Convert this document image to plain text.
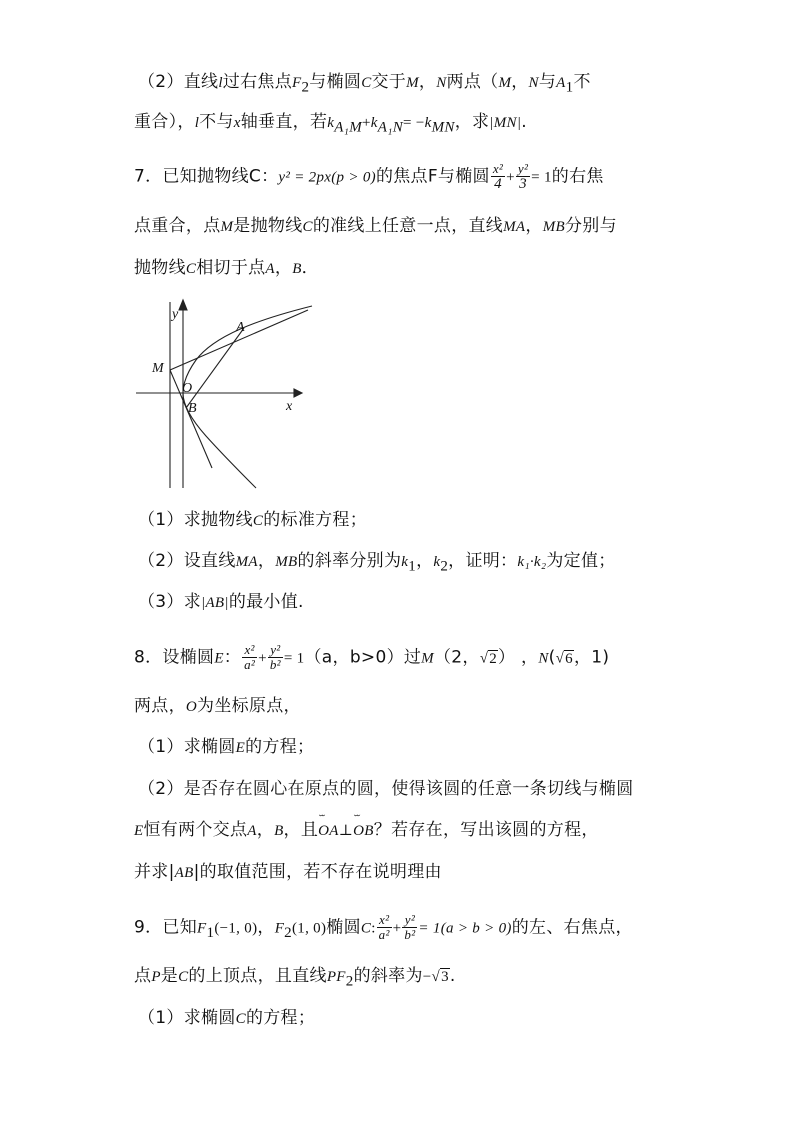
（2）直线l过右焦点$F_2$与椭圆C交于M，N两点（M，N与$A_1$不
重合），l不与x轴垂直，若$k_{A_1M}+k_{A_1N}= -k_{MN}$，求|MN|.
7．已知抛物线C：y² = 2px(p > 0)的焦点F与椭圆 $\frac{\text{x²}}{4} + \frac{\text{y²}}{3} = 1$的右焦
点重合，点M是抛物线C的准线上任意一点，直线MA，MB分别与
抛物线C相切于点A，B．
y
x
M
O
A
B
（1）求抛物线C的标准方程；
（2）设直线MA，MB的斜率分别为$k_1$，$k_2$，证明：k₁·k₂为定值；
（3）求|AB|的最小值.
8．设椭圆E： $\frac{\text{x²}}{\text{a²}} + \frac{\text{y²}}{\text{b²}} = 1(a$，b>0）过M（2，√2） ，N(√6，1)
两点，O为坐标原点，
（1）求椭圆E的方程；
（2）是否存在圆心在原点的圆，使得该圆的任意一条切线与椭圆
E恒有两个交点A，B，且˘˘ OA⊥˘˘ OB？若存在，写出该圆的方程，
并求|AB|的取值范围，若不存在说明理由
9．已知$F_1(-1$, 0)，$F_2(1$, 0)椭圆C: $\frac{\text{x²}}{\text{a²}} + \frac{\text{y²}}{\text{b²}} = 1(a > b > 0)$的左、右焦点，
点P是C的上顶点，且直线$PF_2$的斜率为−√3.
（1）求椭圆C的方程；
